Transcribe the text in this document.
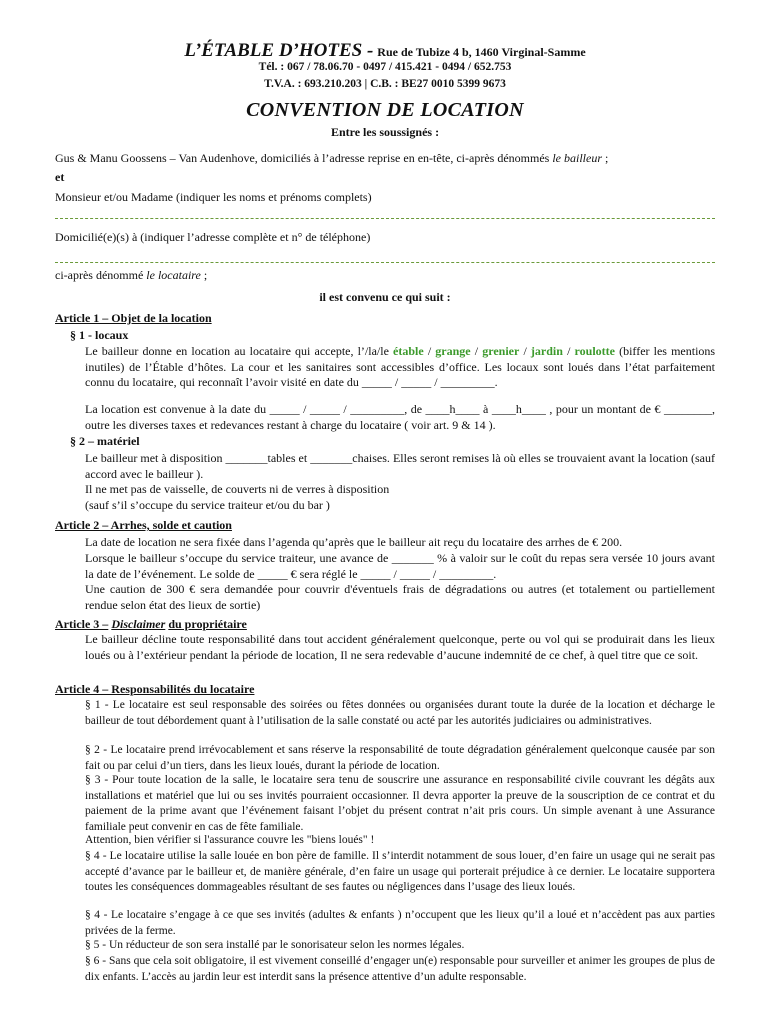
L’ÉTABLE D’HOTES - Rue de Tubize 4 b, 1460 Virginal-Samme
Tél. : 067 / 78.06.70 - 0497 / 415.421 - 0494 / 652.753
T.V.A. : 693.210.203 | C.B. : BE27 0010 5399 9673
CONVENTION DE LOCATION
Entre les soussignés :
Gus & Manu Goossens – Van Audenhove, domiciliés à l’adresse reprise en en-tête, ci-après dénommés le bailleur ;
et
Monsieur et/ou Madame (indiquer les noms et prénoms complets)
Domicilié(e)(s) à (indiquer l’adresse complète et n° de téléphone)
ci-après dénommé le locataire ;
il est convenu ce qui suit :
Article 1 – Objet de la location
§ 1 - locaux
Le bailleur donne en location au locataire qui accepte, l’/la/le étable / grange / grenier / jardin / roulotte (biffer les mentions inutiles) de l’Étable d’hôtes. La cour et les sanitaires sont accessibles d’office. Les locaux sont loués dans l’état parfaitement connu du locataire, qui reconnaît l’avoir visité en date du _____ / _____ / _________.
La location est convenue à la date du _____ / _____ / _________, de ____h____ à ____h____ , pour un montant de € ________, outre les diverses taxes et redevances restant à charge du locataire ( voir art. 9 & 14 ).
§ 2 – matériel
Le bailleur met à disposition _______tables et _______chaises. Elles seront remises là où elles se trouvaient avant la location (sauf accord avec le bailleur ).
Il ne met pas de vaisselle, de couverts ni de verres à disposition
(sauf s’il s’occupe du service traiteur et/ou du bar )
Article 2 – Arrhes, solde et caution
La date de location ne sera fixée dans l’agenda qu’après que le bailleur ait reçu du locataire des arrhes de € 200.
Lorsque le bailleur s’occupe du service traiteur, une avance de _______ % à valoir sur le coût du repas sera versée 10 jours avant la date de l’événement. Le solde de _____ € sera réglé le _____ / _____ / _________.
Une caution de 300 € sera demandée pour couvrir d'éventuels frais de dégradations ou autres (et totalement ou partiellement rendue selon état des lieux de sortie)
Article 3 – Disclaimer du propriétaire
Le bailleur décline toute responsabilité dans tout accident généralement quelconque, perte ou vol qui se produirait dans les lieux loués ou à l’extérieur pendant la période de location, Il ne sera redevable d’aucune indemnité de ce chef, à quel titre que ce soit.
Article 4 – Responsabilités du locataire
§ 1 - Le locataire est seul responsable des soirées ou fêtes données ou organisées durant toute la durée de la location et décharge le bailleur de tout débordement quant à l’utilisation de la salle constaté ou acté par les autorités judiciaires ou administratives.
§ 2 - Le locataire prend irrévocablement et sans réserve la responsabilité de toute dégradation généralement quelconque causée par son fait ou par celui d’un tiers, dans les lieux loués, durant la période de location.
§ 3 - Pour toute location de la salle, le locataire sera tenu de souscrire une assurance en responsabilité civile couvrant les dégâts aux installations et matériel que lui ou ses invités pourraient occasionner. Il devra apporter la preuve de la souscription de ce contrat et du paiement de la prime avant que l’événement faisant l’objet du présent contrat n’ait pris cours. Un simple avenant à une Assurance familiale peut convenir en cas de fête familiale.
Attention, bien vérifier si l'assurance couvre les "biens loués" !
§ 4 - Le locataire utilise la salle louée en bon père de famille. Il s’interdit notamment de sous louer, d’en faire un usage qui ne serait pas accepté d’avance par le bailleur et, de manière générale, d’en faire un usage qui porterait préjudice à ce dernier. Le locataire supportera toutes les conséquences dommageables résultant de ses fautes ou négligences dans l’usage des lieux loués.
§ 4 - Le locataire s’engage à ce que ses invités (adultes & enfants ) n’occupent que les lieux qu’il a loué et n’accèdent pas aux parties privées de la ferme.
§ 5 - Un réducteur de son sera installé par le sonorisateur selon les normes légales.
§ 6 - Sans que cela soit obligatoire, il est vivement conseillé d’engager un(e) responsable pour surveiller et animer les groupes de plus de dix enfants. L’accès au jardin leur est interdit sans la présence attentive d’un adulte responsable.
